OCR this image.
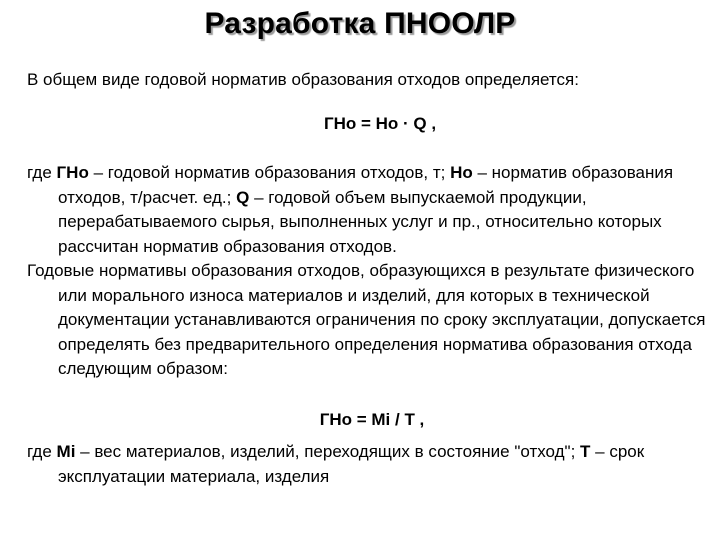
Разработка ПНООЛР
В общем виде годовой норматив образования отходов определяется:
ГНо = Но · Q ,
где ГНо – годовой норматив образования отходов, т; Но – норматив образования отходов, т/расчет. ед.; Q – годовой объем выпускаемой продукции, перерабатываемого сырья, выполненных услуг и пр., относительно которых рассчитан норматив образования отходов.
Годовые нормативы образования отходов, образующихся в результате физического или морального износа материалов и изделий, для которых в технической документации устанавливаются ограничения по сроку эксплуатации, допускается определять без предварительного определения норматива образования отхода следующим образом:
ГНо = Mi / T ,
где Mi – вес материалов, изделий, переходящих в состояние "отход"; Т – срок эксплуатации материала, изделия
